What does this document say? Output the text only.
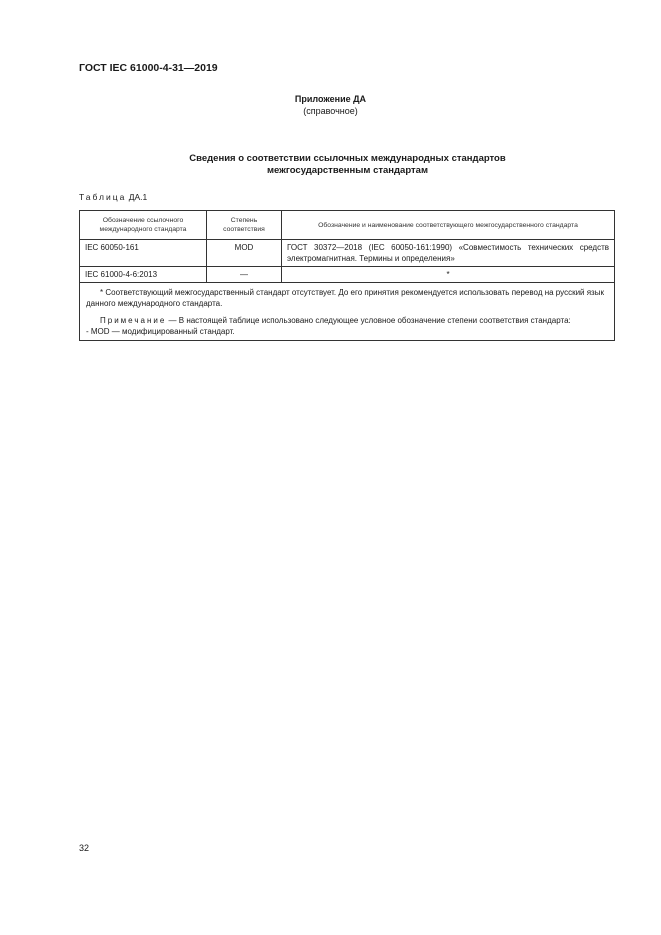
ГОСТ IEC 61000-4-31—2019
Приложение ДА
(справочное)
Сведения о соответствии ссылочных международных стандартов
межгосударственным стандартам
Таблица ДА.1
Обозначение ссылочного международного стандарта	Степень соответствия	Обозначение и наименование соответствующего межгосударственного стандарта
IEC 60050-161	MOD	ГОСТ 30372—2018 (IEC 60050-161:1990) «Совместимость технических средств электромагнитная. Термины и определения»
IEC 61000-4-6:2013	—	*

* Соответствующий межгосударственный стандарт отсутствует. До его принятия рекомендуется использовать перевод на русский язык данного международного стандарта.

Примечание — В настоящей таблице использовано следующее условное обозначение степени соответствия стандарта:

- MOD — модифицированный стандарт.		

32
